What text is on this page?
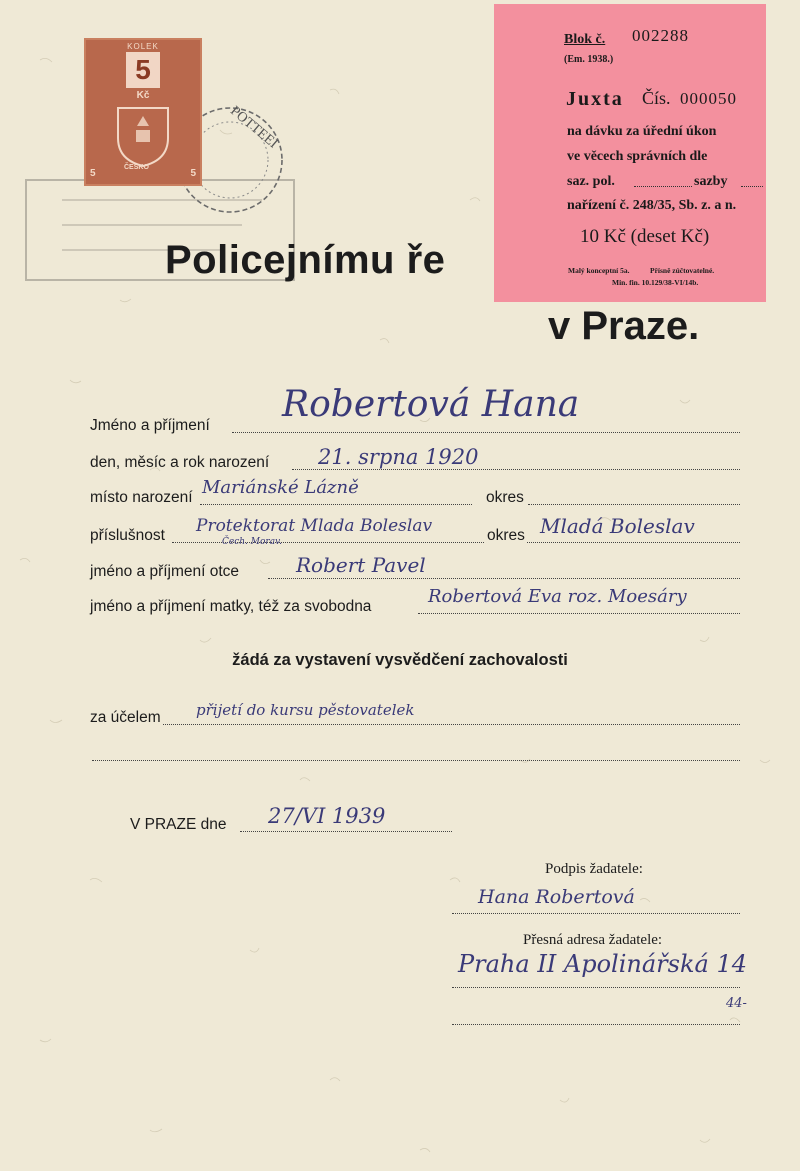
POTTEEI
KOLEK
5
Kč
5	5
ČESKO
Policejnímu ře
v Praze.
Blok č. 002288
(Em. 1938.)
Juxta Čís. 000050
na dávku za úřední úkon
ve věcech správních dle
saz. pol.	sazby
nařízení č. 248/35, Sb. z. a n.
10 Kč (deset Kč)
Malý konceptní 5a.	Přísně zúčtovatelné.
Min. fin. 10.129/38-VI/14b.
Jméno a příjmení
Robertová Hana
den, měsíc a rok narození 21. srpna 1920
místo narození Mariánské Lázně	okres
příslušnost Protektorat Mlada Boleslav
Čech. Morav.	okres Mladá Boleslav
jméno a příjmení otce	Robert Pavel
jméno a příjmení matky, též za svobodna	Robertová Eva roz. Moesáry
žádá za vystavení vysvědčení zachovalosti
za účelem přijetí do kursu pěstovatelek
V PRAZE dne 27/VI 1939
Podpis žadatele:
Hana Robertová
Přesná adresa žadatele:
Praha II Apolinářská 14
44-
